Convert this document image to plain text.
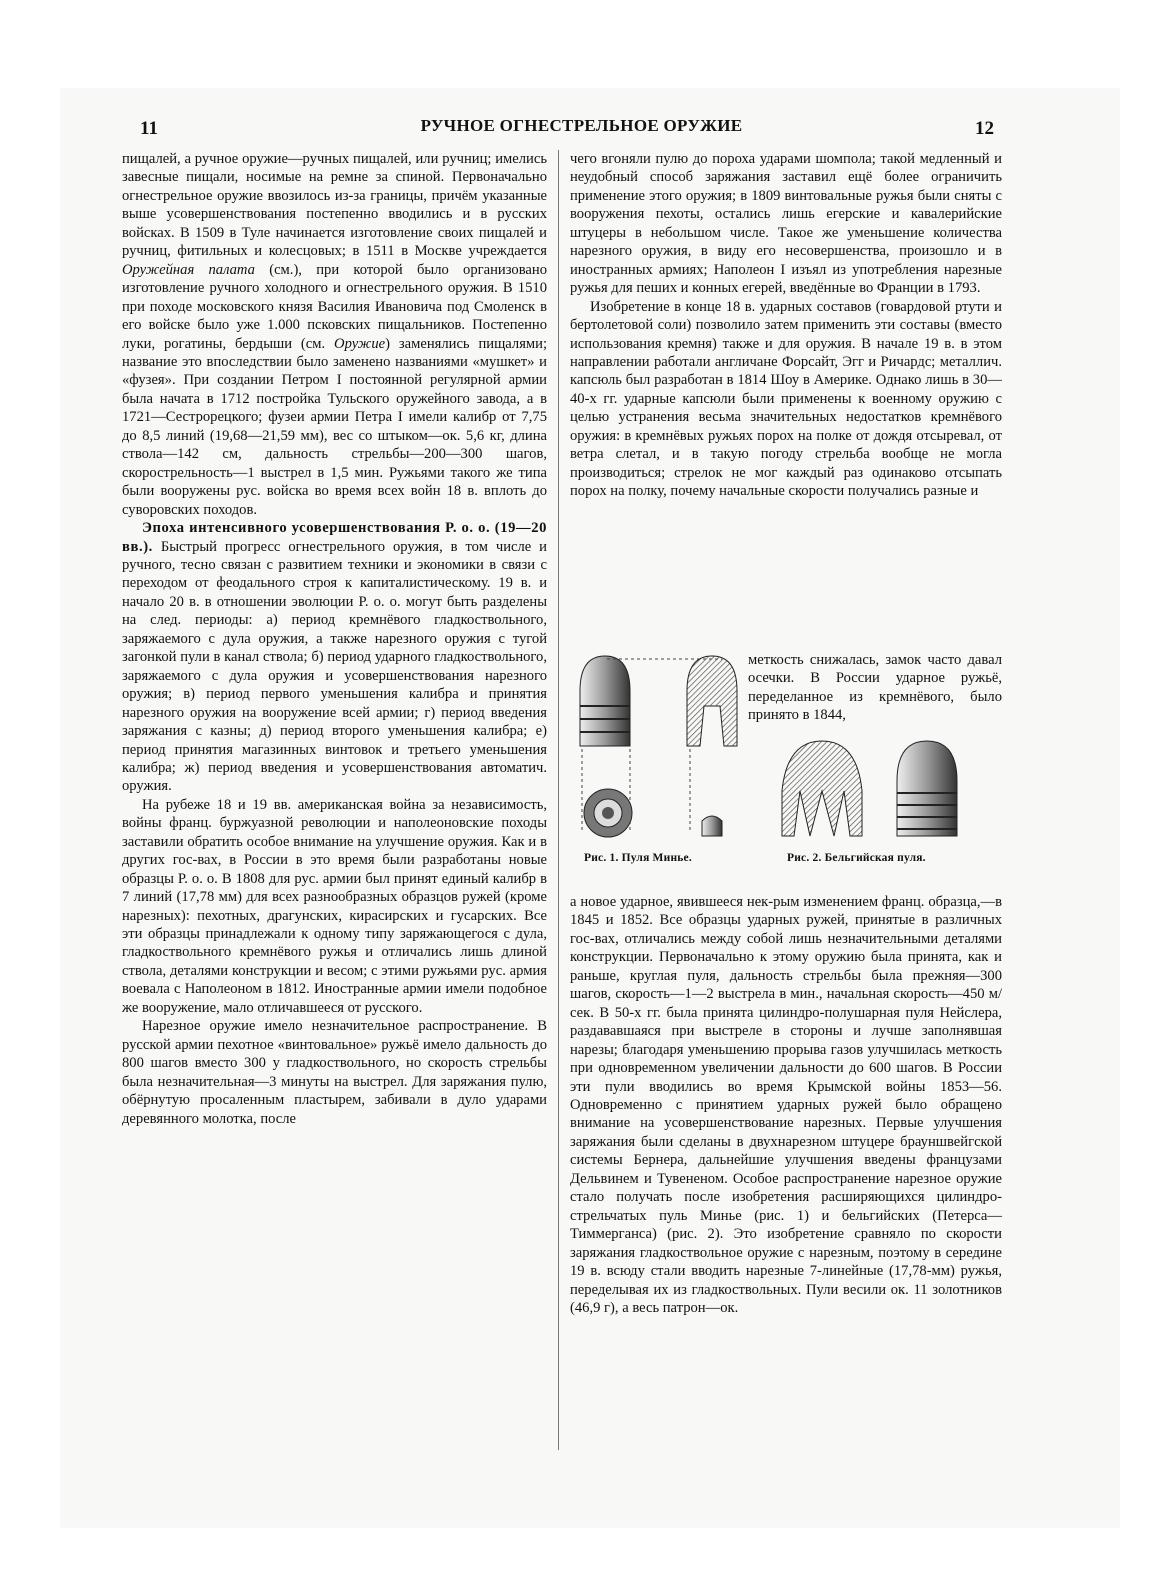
11	РУЧНОЕ ОГНЕСТРЕЛЬНОЕ ОРУЖИЕ	12

пищалей, а ручное оружие—ручных пищалей, или ручниц; имелись завесные пищали, носимые на ремне за спиной. Первоначально огнестрельное оружие ввозилось из-за границы, причём указанные выше усовершенствования постепенно вводились и в русских войсках. В 1509 в Туле начинается изготовление своих пищалей и ручниц, фитильных и колесцовых; в 1511 в Москве учреждается Оружейная палата (см.), при которой было организовано изготовление ручного холодного и огнестрельного оружия. В 1510 при походе московского князя Василия Ивановича под Смоленск в его войске было уже 1.000 псковских пищальников. Постепенно луки, рогатины, бердыши (см. Оружие) заменялись пищалями; название это впоследствии было заменено названиями «мушкет» и «фузея». При создании Петром I постоянной регулярной армии была начата в 1712 постройка Тульского оружейного завода, а в 1721—Сестрорецкого; фузеи армии Петра I имели калибр от 7,75 до 8,5 линий (19,68—21,59 мм), вес со штыком—ок. 5,6 кг, длина ствола—142 см, дальность стрельбы—200—300 шагов, скорострельность—1 выстрел в 1,5 мин. Ружьями такого же типа были вооружены рус. войска во время всех войн 18 в. вплоть до суворовских походов.

Эпоха интенсивного усовершенствования Р. о. о. (19—20 вв.). Быстрый прогресс огнестрельного оружия, в том числе и ручного, тесно связан с развитием техники и экономики в связи с переходом от феодального строя к капиталистическому. 19 в. и начало 20 в. в отношении эволюции Р. о. о. могут быть разделены на след. периоды: а) период кремнёвого гладкоствольного, заряжаемого с дула оружия, а также нарезного оружия с тугой загонкой пули в канал ствола; б) период ударного гладкоствольного, заряжаемого с дула оружия и усовершенствования нарезного оружия; в) период первого уменьшения калибра и принятия нарезного оружия на вооружение всей армии; г) период введения заряжания с казны; д) период второго уменьшения калибра; е) период принятия магазинных винтовок и третьего уменьшения калибра; ж) период введения и усовершенствования автоматич. оружия.

На рубеже 18 и 19 вв. американская война за независимость, войны франц. буржуазной революции и наполеоновские походы заставили обратить особое внимание на улучшение оружия. Как и в других гос-вах, в России в это время были разработаны новые образцы Р. о. о. В 1808 для рус. армии был принят единый калибр в 7 линий (17,78 мм) для всех разнообразных образцов ружей (кроме нарезных): пехотных, драгунских, кирасирских и гусарских. Все эти образцы принадлежали к одному типу заряжающегося с дула, гладкоствольного кремнёвого ружья и отличались лишь длиной ствола, деталями конструкции и весом; с этими ружьями рус. армия воевала с Наполеоном в 1812. Иностранные армии имели подобное же вооружение, мало отличавшееся от русского.

Нарезное оружие имело незначительное распространение. В русской армии пехотное «винтовальное» ружьё имело дальность до 800 шагов вместо 300 у гладкоствольного, но скорость стрельбы была незначительная—3 минуты на выстрел. Для заряжания пулю, обёрнутую просаленным пластырем, забивали в дуло ударами деревянного молотка, после

чего вгоняли пулю до пороха ударами шомпола; такой медленный и неудобный способ заряжания заставил ещё более ограничить применение этого оружия; в 1809 винтовальные ружья были сняты с вооружения пехоты, остались лишь егерские и кавалерийские штуцеры в небольшом числе. Такое же уменьшение количества нарезного оружия, в виду его несовершенства, произошло и в иностранных армиях; Наполеон I изъял из употребления нарезные ружья для пеших и конных егерей, введённые во Франции в 1793.

Изобретение в конце 18 в. ударных составов (говардовой ртути и бертолетовой соли) позволило затем применить эти составы (вместо использования кремня) также и для оружия. В начале 19 в. в этом направлении работали англичане Форсайт, Эгг и Ричардс; металлич. капсюль был разработан в 1814 Шоу в Америке. Однако лишь в 30—40-х гг. ударные капсюли были применены к военному оружию с целью устранения весьма значительных недостатков кремнёвого оружия: в кремнёвых ружьях порох на полке от дождя отсыревал, от ветра слетал, и в такую погоду стрельба вообще не могла производиться; стрелок не мог каждый раз одинаково отсыпать порох на полку, почему начальные скорости получались разные и

меткость снижалась, замок часто давал осечки. В России ударное ружьё, переделанное из кремнёвого, было принято в 1844,

Рис. 1. Пуля Минье.	Рис. 2. Бельгийская пуля.

а новое ударное, явившееся нек-рым изменением франц. образца,—в 1845 и 1852. Все образцы ударных ружей, принятые в различных гос-вах, отличались между собой лишь незначительными деталями конструкции. Первоначально к этому оружию была принята, как и раньше, круглая пуля, дальность стрельбы была прежняя—300 шагов, скорость—1—2 выстрела в мин., начальная скорость—450 м/сек. В 50-х гг. была принята цилиндро-полушарная пуля Нейслера, раздававшаяся при выстреле в стороны и лучше заполнявшая нарезы; благодаря уменьшению прорыва газов улучшилась меткость при одновременном увеличении дальности до 600 шагов. В России эти пули вводились во время Крымской войны 1853—56. Одновременно с принятием ударных ружей было обращено внимание на усовершенствование нарезных. Первые улучшения заряжания были сделаны в двухнарезном штуцере брауншвейгской системы Бернера, дальнейшие улучшения введены французами Дельвинем и Тувененом. Особое распространение нарезное оружие стало получать после изобретения расширяющихся цилиндро-стрельчатых пуль Минье (рис. 1) и бельгийских (Петерса—Тиммерганса) (рис. 2). Это изобретение сравняло по скорости заряжания гладкоствольное оружие с нарезным, поэтому в середине 19 в. всюду стали вводить нарезные 7-линейные (17,78-мм) ружья, переделывая их из гладкоствольных. Пули весили ок. 11 золотников (46,9 г), а весь патрон—ок.
